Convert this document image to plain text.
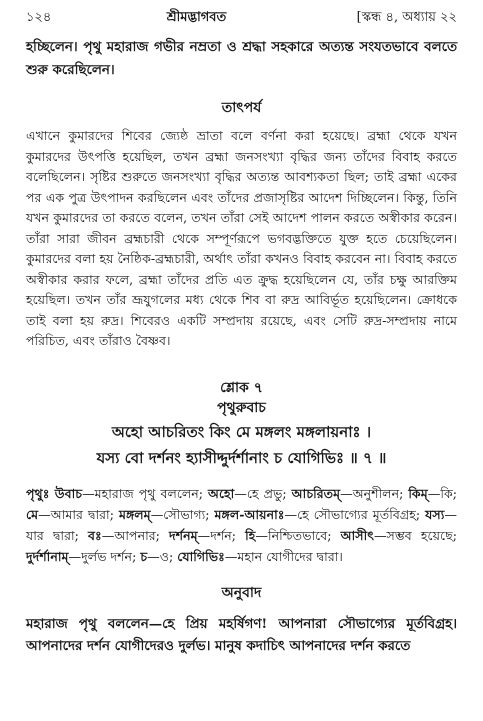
১২৪	শ্রীমদ্ভাগবত	[স্কন্ধ ৪, অধ্যায় ২২

হচ্ছিলেন। পৃথু মহারাজ গভীর নম্রতা ও শ্রদ্ধা সহকারে অত্যন্ত সংযতভাবে বলতে শুরু করেছিলেন।

তাৎপর্য

এখানে কুমারদের শিবের জ্যেষ্ঠ ভ্রাতা বলে বর্ণনা করা হয়েছে। ব্রহ্মা থেকে যখন কুমারদের উৎপত্তি হয়েছিল, তখন ব্রহ্মা জনসংখ্যা বৃদ্ধির জন্য তাঁদের বিবাহ করতে বলেছিলেন। সৃষ্টির শুরুতে জনসংখ্যা বৃদ্ধির অত্যন্ত আবশ্যকতা ছিল; তাই ব্রহ্মা একের পর এক পুত্র উৎপাদন করছিলেন এবং তাঁদের প্রজাসৃষ্টির আদেশ দিচ্ছিলেন। কিন্তু, তিনি যখন কুমারদের তা করতে বলেন, তখন তাঁরা সেই আদেশ পালন করতে অস্বীকার করেন। তাঁরা সারা জীবন ব্রহ্মচারী থেকে সম্পূর্ণরূপে ভগবদ্ভক্তিতে যুক্ত হতে চেয়েছিলেন। কুমারদের বলা হয় নৈষ্ঠিক-ব্রহ্মচারী, অর্থাৎ তাঁরা কখনও বিবাহ করবেন না। বিবাহ করতে অস্বীকার করার ফলে, ব্রহ্মা তাঁদের প্রতি এত ক্রুদ্ধ হয়েছিলেন যে, তাঁর চক্ষু আরক্তিম হয়েছিল। তখন তাঁর ভ্রূযুগলের মধ্য থেকে শিব বা রুদ্র আবির্ভূত হয়েছিলেন। ক্রোধকে তাই বলা হয় রুদ্র। শিবেরও একটি সম্প্রদায় রয়েছে, এবং সেটি রুদ্র-সম্প্রদায় নামে পরিচিত, এবং তাঁরাও বৈষ্ণব।

শ্লোক ৭
পৃথুরুবাচ
অহো আচরিতং কিং মে মঙ্গলং মঙ্গলায়নাঃ ।
যস্য বো দর্শনং হ্যাসীদ্দুর্দর্শানাং চ যোগিভিঃ ॥ ৭ ॥
পৃথুঃ উবাচ—মহারাজ পৃথু বললেন; অহো—হে প্রভু; আচরিতম্—অনুশীলন; কিম্—কি; মে—আমার দ্বারা; মঙ্গলম্—সৌভাগ্য; মঙ্গল-আয়নাঃ—হে সৌভাগ্যের মূর্তবিগ্রহ; যস্য—যার দ্বারা; বঃ—আপনার; দর্শনম্—দর্শন; হি—নিশ্চিতভাবে; আসীৎ—সম্ভব হয়েছে; দুর্দর্শানাম্—দুর্লভ দর্শন; চ—ও; যোগিভিঃ—মহান যোগীদের দ্বারা।
অনুবাদ

মহারাজ পৃথু বললেন—হে প্রিয় মহর্ষিগণ! আপনারা সৌভাগ্যের মূর্তবিগ্রহ। আপনাদের দর্শন যোগীদেরও দুর্লভ। মানুষ কদাচিৎ আপনাদের দর্শন করতে
